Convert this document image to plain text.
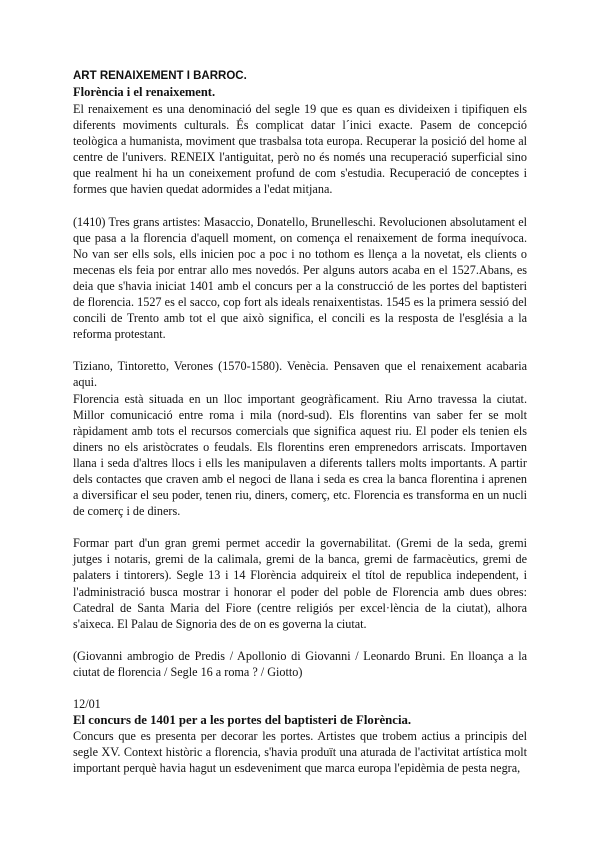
ART RENAIXEMENT I BARROC.
Florència i el renaixement.

El renaixement es una denominació del segle 19 que es quan es divideixen i tipifiquen els diferents moviments culturals. És complicat datar l´inici exacte. Pasem de concepció teològica a humanista, moviment que trasbalsa tota europa. Recuperar la posició del home al centre de l'univers. RENEIX l'antiguitat, però no és només una recuperació superficial sino que realment hi ha un coneixement profund de com s'estudia. Recuperació de conceptes i formes que havien quedat adormides a l'edat mitjana.

(1410) Tres grans artistes: Masaccio, Donatello, Brunelleschi. Revolucionen absolutament el que pasa a la florencia d'aquell moment, on comença el renaixement de forma inequívoca. No van ser ells sols, ells inicien poc a poc i no tothom es llença a la novetat, els clients o mecenas els feia por entrar allo mes novedós. Per alguns autors acaba en el 1527.Abans, es deia que s'havia iniciat 1401 amb el concurs per a la construcció de les portes del baptisteri de florencia. 1527 es el sacco, cop fort als ideals renaixentistas. 1545 es la primera sessió del concili de Trento amb tot el que això significa, el concili es la resposta de l'església a la reforma protestant.

Tiziano, Tintoretto, Verones (1570-1580). Venècia. Pensaven que el renaixement acabaria aqui.

Florencia està situada en un lloc important geogràficament. Riu Arno travessa la ciutat. Millor comunicació entre roma i mila (nord-sud). Els florentins van saber fer se molt ràpidament amb tots el recursos comercials que significa aquest riu. El poder els tenien els diners no els aristòcrates o feudals. Els florentins eren emprenedors arriscats. Importaven llana i seda d'altres llocs i ells les manipulaven a diferents tallers molts importants. A partir dels contactes que craven amb el negoci de llana i seda es crea la banca florentina i aprenen a diversificar el seu poder, tenen riu, diners, comerç, etc. Florencia es transforma en un nucli de comerç i de diners.

Formar part d'un gran gremi permet accedir la governabilitat. (Gremi de la seda, gremi jutges i notaris, gremi de la calimala, gremi de la banca, gremi de farmacèutics, gremi de palaters i tintorers). Segle 13 i 14 Florència adquireix el títol de republica independent, i l'administració busca mostrar i honorar el poder del poble de Florencia amb dues obres: Catedral de Santa Maria del Fiore (centre religiós per excel·lència de la ciutat), alhora s'aixeca. El Palau de Signoria des de on es governa la ciutat.

(Giovanni ambrogio de Predis / Apollonio di Giovanni / Leonardo Bruni. En lloança a la ciutat de florencia / Segle 16 a roma ? / Giotto)

12/01
El concurs de 1401 per a les portes del baptisteri de Florència.

Concurs que es presenta per decorar les portes. Artistes que trobem actius a principis del segle XV. Context històric a florencia, s'havia produït una aturada de l'activitat artística molt important perquè havia hagut un esdeveniment que marca europa l'epidèmia de pesta negra,
